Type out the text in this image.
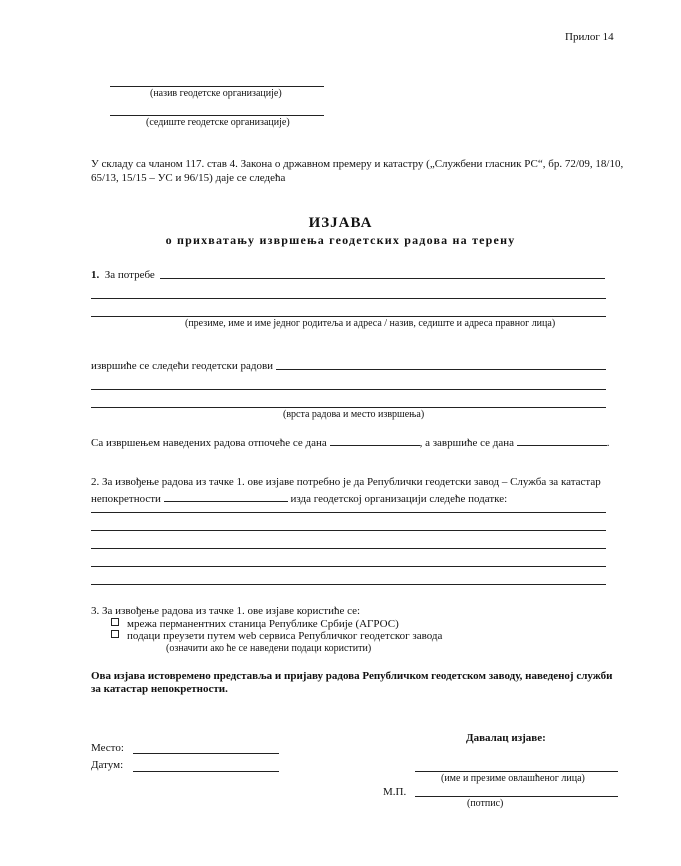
Прилог 14
(назив геодетске организације)
(седиште геодетске организације)
У складу са чланом 117. став 4. Закона о државном премеру и катастру („Службени гласник РС“, бр. 72/09, 18/10,
65/13, 15/15 – УС и 96/15) даје се следећа
ИЗЈАВА
о прихватању извршења геодетских радова на терену
1. За потребе
(презиме, име и име једног родитеља и адреса / назив, седиште и адреса правног лица)
извршиће се следећи геодетски радови
(врста радова и место извршења)
Са извршењем наведених радова отпочеће се дана	, а завршиће се дана	.
2. За извођење радова из тачке 1. ове изјаве потребно је да Републички геодетски завод – Служба за катастар
непокретности	изда геодетској организацији следеће податке:
3. За извођење радова из тачке 1. ове изјаве користиће се:
мрежа перманентних станица Републике Србије (АГРОС)
подаци преузети путем web сервиса Републичког геодетског завода
(означити ако ће се наведени подаци користити)
Ова изјава истовремено представља и пријаву радова Републичком геодетском заводу, наведеној служби
за катастар непокретности.
Давалац изјаве:
Место:
Датум:
(име и презиме овлашћеног лица)
М.П.
(потпис)
